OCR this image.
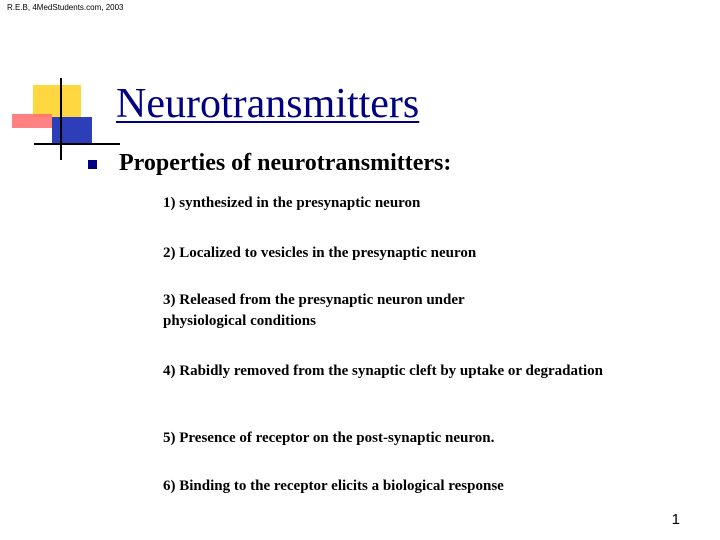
R.E.B, 4MedStudents.com, 2003
Neurotransmitters
Properties of neurotransmitters:
1) synthesized in the presynaptic neuron
2) Localized to vesicles in the presynaptic neuron
3) Released from the presynaptic neuron under physiological conditions
4) Rabidly removed from the synaptic cleft by uptake or degradation
5) Presence of receptor on the post-synaptic neuron.
6) Binding to the receptor elicits a biological response
1
